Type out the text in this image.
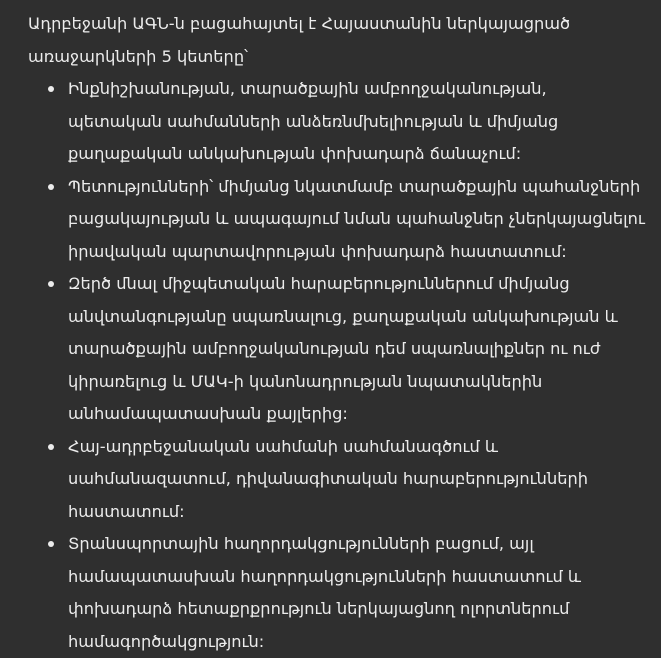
Ադրբեջանի ԱԳՆ-ն բացահայտել է Հայաստանին ներկայացրած առաջարկների 5 կետերը՝

Ինքնիշխանության, տարածքային ամբողջականության, պետական սահմանների անձեռնմխելիության և միմյանց քաղաքական անկախության փոխադարձ ճանաչում:
Պետությունների՝ միմյանց նկատմամբ տարածքային պահանջների բացակայության և ապագայում նման պահանջներ չներկայացնելու իրավական պարտավորության փոխադարձ հաստատում:
Զերծ մնալ միջպետական հարաբերություններում միմյանց անվտանգությանը սպառնալուց, քաղաքական անկախության և տարածքային ամբողջականության դեմ սպառնալիքներ ու ուժ կիրառելուց և ՄԱԿ-ի կանոնադրության նպատակներին անհամապատասխան քայլերից:
Հայ-ադրբեջանական սահմանի սահմանագծում և սահմանազատում, դիվանագիտական հարաբերությունների հաստատում:
Տրանսպորտային հաղորդակցությունների բացում, այլ համապատասխան հաղորդակցությունների հաստատում և փոխադարձ հետաքրքրություն ներկայացնող ոլորտներում համագործակցություն:
